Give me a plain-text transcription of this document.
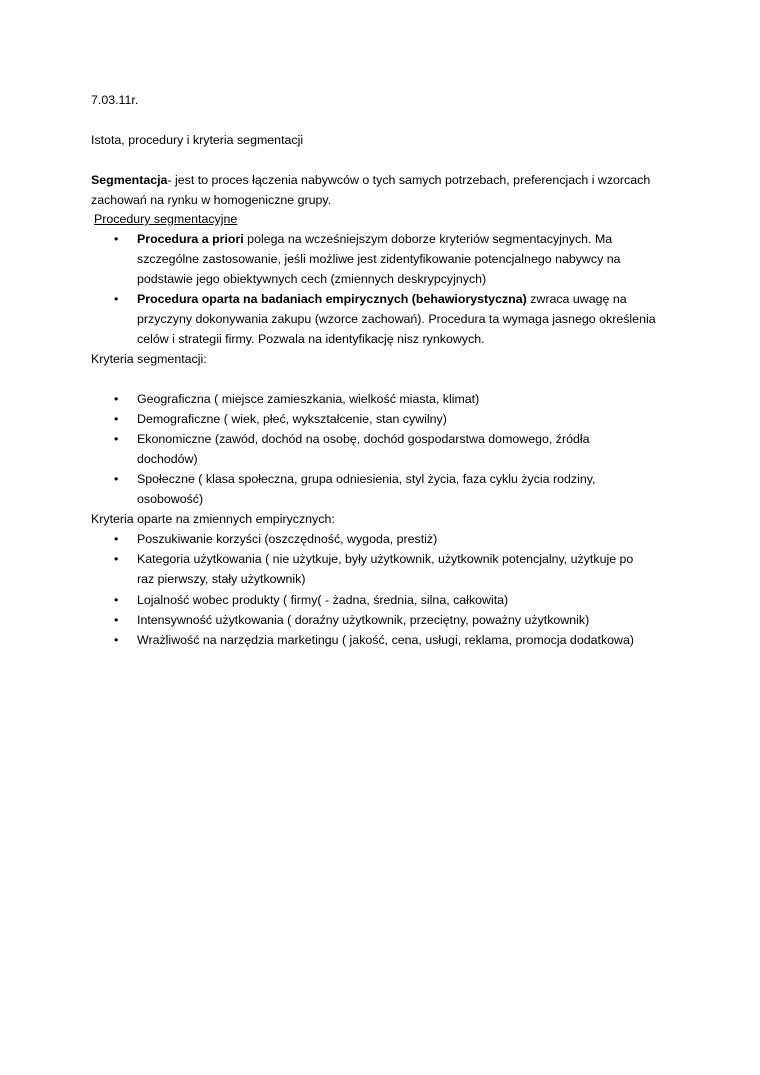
7.03.11r.
Istota, procedury i kryteria segmentacji
Segmentacja- jest to proces łączenia nabywców o tych samych potrzebach, preferencjach i wzorcach
zachowań na rynku w homogeniczne grupy.
Procedury segmentacyjne
• Procedura a priori polega na wcześniejszym doborze kryteriów segmentacyjnych. Ma
szczególne zastosowanie, jeśli możliwe jest zidentyfikowanie potencjalnego nabywcy na
podstawie jego obiektywnych cech (zmiennych deskrypcyjnych)
• Procedura oparta na badaniach empirycznych (behawiorystyczna) zwraca uwagę na
przyczyny dokonywania zakupu (wzorce zachowań). Procedura ta wymaga jasnego określenia
celów i strategii firmy. Pozwala na identyfikację nisz rynkowych.
Kryteria segmentacji:
• Geograficzna ( miejsce zamieszkania, wielkość miasta, klimat)
• Demograficzne ( wiek, płeć, wykształcenie, stan cywilny)
• Ekonomiczne (zawód, dochód na osobę, dochód gospodarstwa domowego, źródła
dochodów)
• Społeczne ( klasa społeczna, grupa odniesienia, styl życia, faza cyklu życia rodziny,
osobowość)
Kryteria oparte na zmiennych empirycznych:
• Poszukiwanie korzyści (oszczędność, wygoda, prestiż)
• Kategoria użytkowania ( nie użytkuje, były użytkownik, użytkownik potencjalny, użytkuje po
raz pierwszy, stały użytkownik)
• Lojalność wobec produkty ( firmy( - żadna, średnia, silna, całkowita)
• Intensywność użytkowania ( doraźny użytkownik, przeciętny, poważny użytkownik)
• Wrażliwość na narzędzia marketingu ( jakość, cena, usługi, reklama, promocja dodatkowa)
